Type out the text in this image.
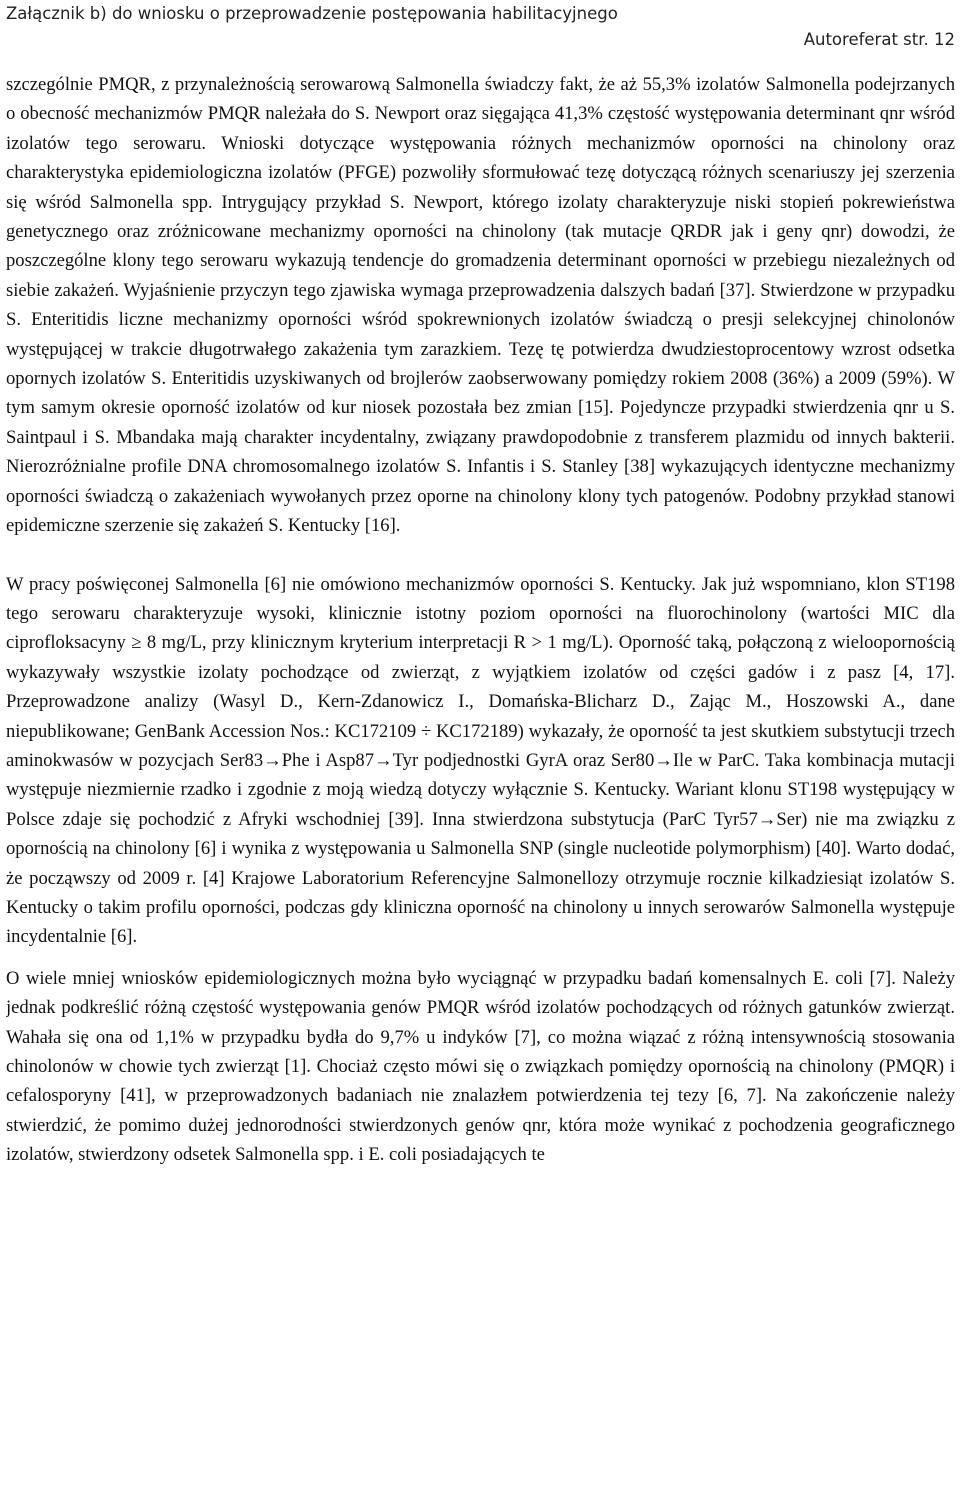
Załącznik b) do wniosku o przeprowadzenie postępowania habilitacyjnego
Autoreferat str. 12

szczególnie PMQR, z przynależnością serowarową Salmonella świadczy fakt, że aż 55,3% izolatów Salmonella podejrzanych o obecność mechanizmów PMQR należała do S. Newport oraz sięgająca 41,3% częstość występowania determinant qnr wśród izolatów tego serowaru. Wnioski dotyczące występowania różnych mechanizmów oporności na chinolony oraz charakterystyka epidemiologiczna izolatów (PFGE) pozwoliły sformułować tezę dotyczącą różnych scenariuszy jej szerzenia się wśród Salmonella spp. Intrygujący przykład S. Newport, którego izolaty charakteryzuje niski stopień pokrewieństwa genetycznego oraz zróżnicowane mechanizmy oporności na chinolony (tak mutacje QRDR jak i geny qnr) dowodzi, że poszczególne klony tego serowaru wykazują tendencje do gromadzenia determinant oporności w przebiegu niezależnych od siebie zakażeń. Wyjaśnienie przyczyn tego zjawiska wymaga przeprowadzenia dalszych badań [37]. Stwierdzone w przypadku S. Enteritidis liczne mechanizmy oporności wśród spokrewnionych izolatów świadczą o presji selekcyjnej chinolonów występującej w trakcie długotrwałego zakażenia tym zarazkiem. Tezę tę potwierdza dwudziestoprocentowy wzrost odsetka opornych izolatów S. Enteritidis uzyskiwanych od brojlerów zaobserwowany pomiędzy rokiem 2008 (36%) a 2009 (59%). W tym samym okresie oporność izolatów od kur niosek pozostała bez zmian [15]. Pojedyncze przypadki stwierdzenia qnr u S. Saintpaul i S. Mbandaka mają charakter incydentalny, związany prawdopodobnie z transferem plazmidu od innych bakterii. Nierozróżnialne profile DNA chromosomalnego izolatów S. Infantis i S. Stanley [38] wykazujących identyczne mechanizmy oporności świadczą o zakażeniach wywołanych przez oporne na chinolony klony tych patogenów. Podobny przykład stanowi epidemiczne szerzenie się zakażeń S. Kentucky [16].

W pracy poświęconej Salmonella [6] nie omówiono mechanizmów oporności S. Kentucky. Jak już wspomniano, klon ST198 tego serowaru charakteryzuje wysoki, klinicznie istotny poziom oporności na fluorochinolony (wartości MIC dla ciprofloksacyny ≥ 8 mg/L, przy klinicznym kryterium interpretacji R > 1 mg/L). Oporność taką, połączoną z wieloopornością wykazywały wszystkie izolaty pochodzące od zwierząt, z wyjątkiem izolatów od części gadów i z pasz [4, 17]. Przeprowadzone analizy (Wasyl D., Kern-Zdanowicz I., Domańska-Blicharz D., Zając M., Hoszowski A., dane niepublikowane; GenBank Accession Nos.: KC172109 ÷ KC172189) wykazały, że oporność ta jest skutkiem substytucji trzech aminokwasów w pozycjach Ser83→Phe i Asp87→Tyr podjednostki GyrA oraz Ser80→Ile w ParC. Taka kombinacja mutacji występuje niezmiernie rzadko i zgodnie z moją wiedzą dotyczy wyłącznie S. Kentucky. Wariant klonu ST198 występujący w Polsce zdaje się pochodzić z Afryki wschodniej [39]. Inna stwierdzona substytucja (ParC Tyr57→Ser) nie ma związku z opornością na chinolony [6] i wynika z występowania u Salmonella SNP (single nucleotide polymorphism) [40]. Warto dodać, że począwszy od 2009 r. [4] Krajowe Laboratorium Referencyjne Salmonellozy otrzymuje rocznie kilkadziesiąt izolatów S. Kentucky o takim profilu oporności, podczas gdy kliniczna oporność na chinolony u innych serowarów Salmonella występuje incydentalnie [6].

O wiele mniej wniosków epidemiologicznych można było wyciągnąć w przypadku badań komensalnych E. coli [7]. Należy jednak podkreślić różną częstość występowania genów PMQR wśród izolatów pochodzących od różnych gatunków zwierząt. Wahała się ona od 1,1% w przypadku bydła do 9,7% u indyków [7], co można wiązać z różną intensywnością stosowania chinolonów w chowie tych zwierząt [1]. Chociaż często mówi się o związkach pomiędzy opornością na chinolony (PMQR) i cefalosporyny [41], w przeprowadzonych badaniach nie znalazłem potwierdzenia tej tezy [6, 7]. Na zakończenie należy stwierdzić, że pomimo dużej jednorodności stwierdzonych genów qnr, która może wynikać z pochodzenia geograficznego izolatów, stwierdzony odsetek Salmonella spp. i E. coli posiadających te
